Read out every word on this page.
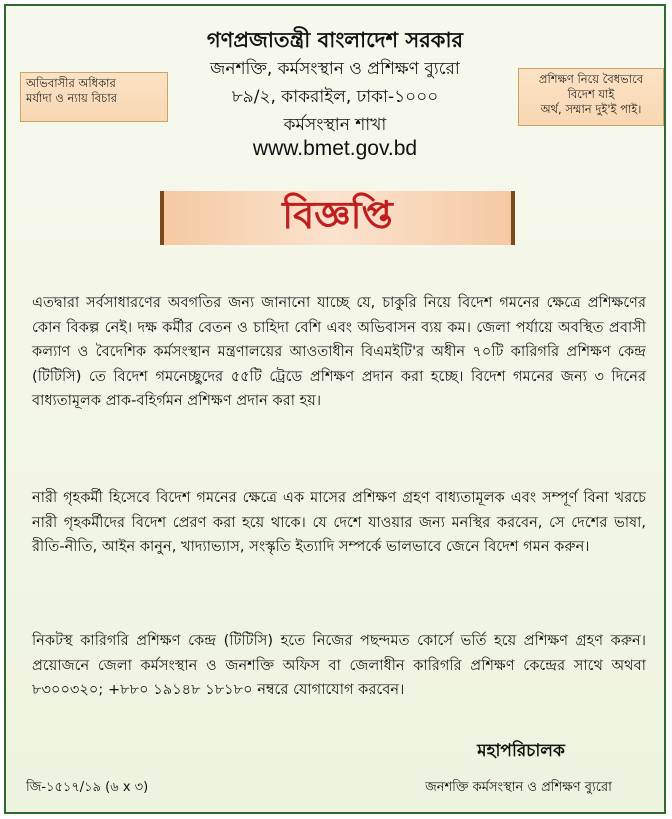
গণপ্রজাতন্ত্রী বাংলাদেশ সরকার
জনশক্তি, কর্মসংস্থান ও প্রশিক্ষণ ব্যুরো
৮৯/২, কাকরাইল, ঢাকা-১০০০
কর্মসংস্থান শাখা
www.bmet.gov.bd
অভিবাসীর অধিকার
মর্যাদা ও ন্যায় বিচার
প্রশিক্ষণ নিয়ে বৈধভাবে
বিদেশ যাই
অর্থ, সম্মান দুই'ই পাই।
বিজ্ঞপ্তি
এতদ্বারা সর্বসাধারণের অবগতির জন্য জানানো যাচ্ছে যে, চাকুরি নিয়ে বিদেশ গমনের ক্ষেত্রে প্রশিক্ষণের কোন বিকল্প নেই। দক্ষ কর্মীর বেতন ও চাহিদা বেশি এবং অভিবাসন ব্যয় কম। জেলা পর্যায়ে অবস্থিত প্রবাসী কল্যাণ ও বৈদেশিক কর্মসংস্থান মন্ত্রণালয়ের আওতাধীন বিএমইটি'র অধীন ৭০টি কারিগরি প্রশিক্ষণ কেন্দ্র (টিটিসি) তে বিদেশ গমনেচ্ছুদের ৫৫টি ট্রেডে প্রশিক্ষণ প্রদান করা হচ্ছে। বিদেশ গমনের জন্য ৩ দিনের বাধ্যতামূলক প্রাক-বহির্গমন প্রশিক্ষণ প্রদান করা হয়।
নারী গৃহকর্মী হিসেবে বিদেশ গমনের ক্ষেত্রে এক মাসের প্রশিক্ষণ গ্রহণ বাধ্যতামূলক এবং সম্পূর্ণ বিনা খরচে নারী গৃহকর্মীদের বিদেশ প্রেরণ করা হয়ে থাকে। যে দেশে যাওয়ার জন্য মনস্থির করবেন, সে দেশের ভাষা, রীতি-নীতি, আইন কানুন, খাদ্যাভ্যাস, সংস্কৃতি ইত্যাদি সম্পর্কে ভালভাবে জেনে বিদেশ গমন করুন।
নিকটস্থ কারিগরি প্রশিক্ষণ কেন্দ্র (টিটিসি) হতে নিজের পছন্দমত কোর্সে ভর্তি হয়ে প্রশিক্ষণ গ্রহণ করুন। প্রয়োজনে জেলা কর্মসংস্থান ও জনশক্তি অফিস বা জেলাধীন কারিগরি প্রশিক্ষণ কেন্দ্রের সাথে অথবা ৮৩০০৩২০; +৮৮০ ১৯১৪৮ ১৮১৮০ নম্বরে যোগাযোগ করবেন।
মহাপরিচালক
জনশক্তি কর্মসংস্থান ও প্রশিক্ষণ ব্যুরো
জি-১৫১৭/১৯ (৬ x ৩)
